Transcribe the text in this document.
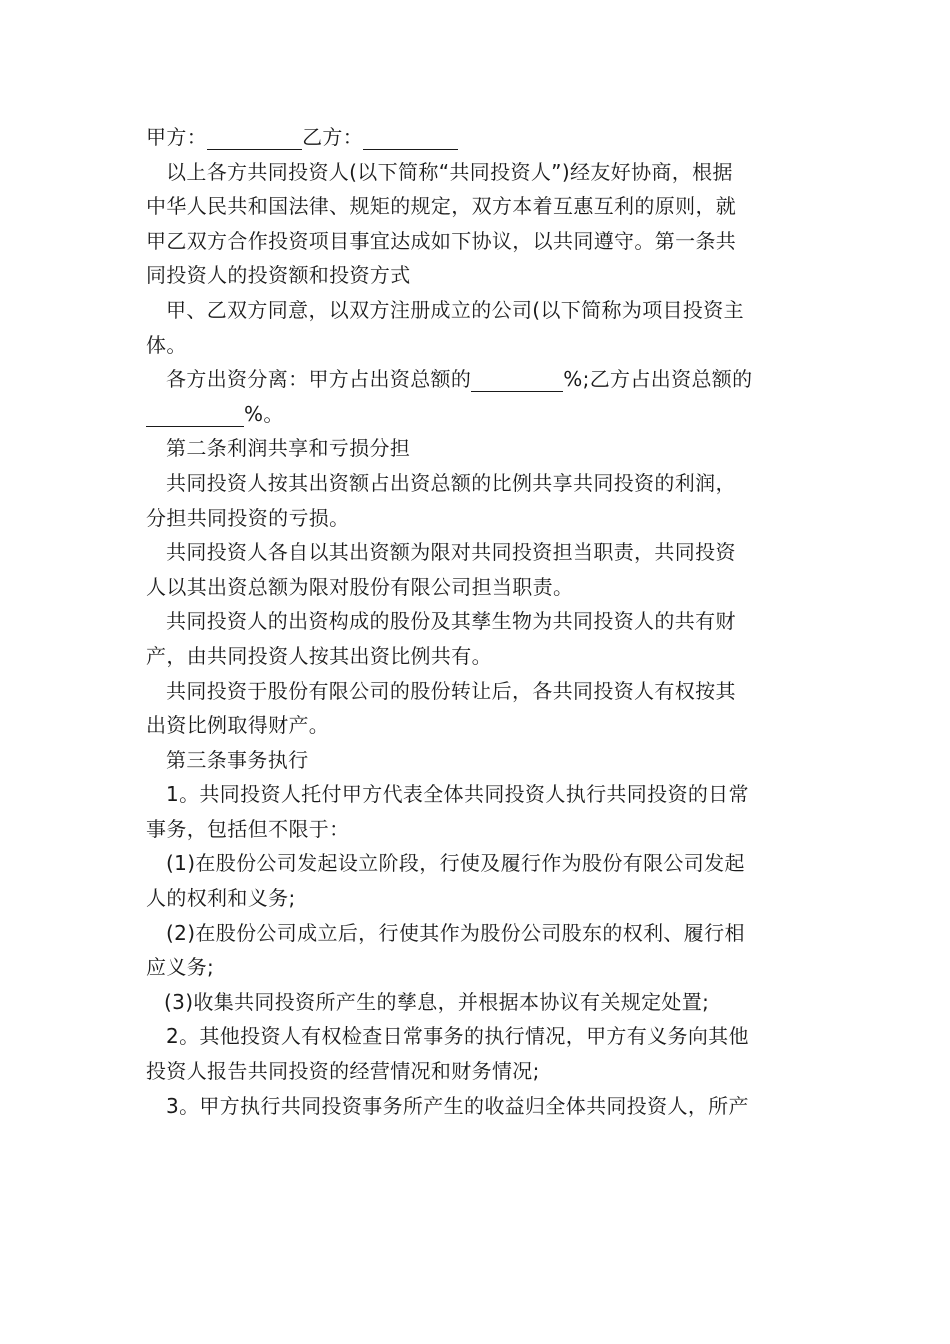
甲方：	乙方：
以上各方共同投资人(以下简称“共同投资人”)经友好协商，根据
中华人民共和国法律、规矩的规定，双方本着互惠互利的原则，就
甲乙双方合作投资项目事宜达成如下协议，以共同遵守。第一条共
同投资人的投资额和投资方式
甲、乙双方同意，以双方注册成立的公司(以下简称为项目投资主
体。
各方出资分离：甲方占出资总额的	%;乙方占出资总额的
%。
第二条利润共享和亏损分担
共同投资人按其出资额占出资总额的比例共享共同投资的利润，
分担共同投资的亏损。
共同投资人各自以其出资额为限对共同投资担当职责，共同投资
人以其出资总额为限对股份有限公司担当职责。
共同投资人的出资构成的股份及其孳生物为共同投资人的共有财
产，由共同投资人按其出资比例共有。
共同投资于股份有限公司的股份转让后，各共同投资人有权按其
出资比例取得财产。
第三条事务执行
1。共同投资人托付甲方代表全体共同投资人执行共同投资的日常
事务，包括但不限于：
(1)在股份公司发起设立阶段，行使及履行作为股份有限公司发起
人的权利和义务;
(2)在股份公司成立后，行使其作为股份公司股东的权利、履行相
应义务;
(3)收集共同投资所产生的孳息，并根据本协议有关规定处置;
2。其他投资人有权检查日常事务的执行情况，甲方有义务向其他
投资人报告共同投资的经营情况和财务情况;
3。甲方执行共同投资事务所产生的收益归全体共同投资人，所产
